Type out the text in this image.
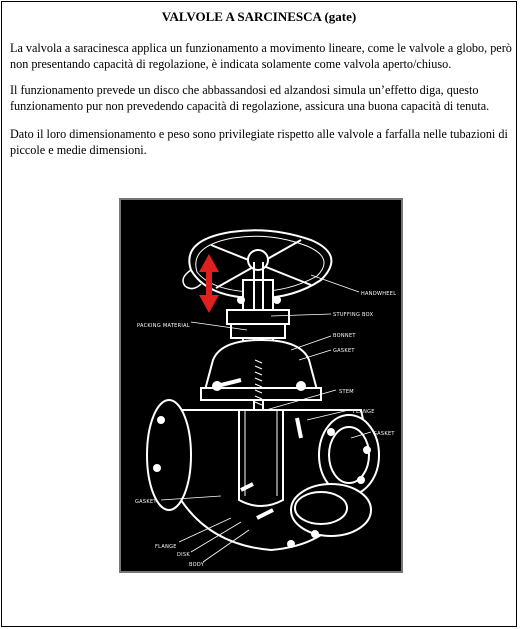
VALVOLE A SARCINESCA (gate)

La valvola a saracinesca applica un funzionamento a movimento lineare, come le valvole a globo, però non presentando capacità di regolazione, è indicata solamente come valvola aperto/chiuso.

Il funzionamento prevede un disco che abbassandosi ed alzandosi simula un’effetto diga, questo funzionamento pur non prevedendo capacità di regolazione, assicura una buona capacità di tenuta.

Dato il loro dimensionamento e peso sono privilegiate rispetto alle valvole a farfalla nelle tubazioni di piccole e medie dimensioni.

HANDWHEEL
STUFFING BOX
PACKING MATERIAL
BONNET
GASKET
STEM
FLANGE
GASKET
GASKET
FLANGE
DISK
BODY
